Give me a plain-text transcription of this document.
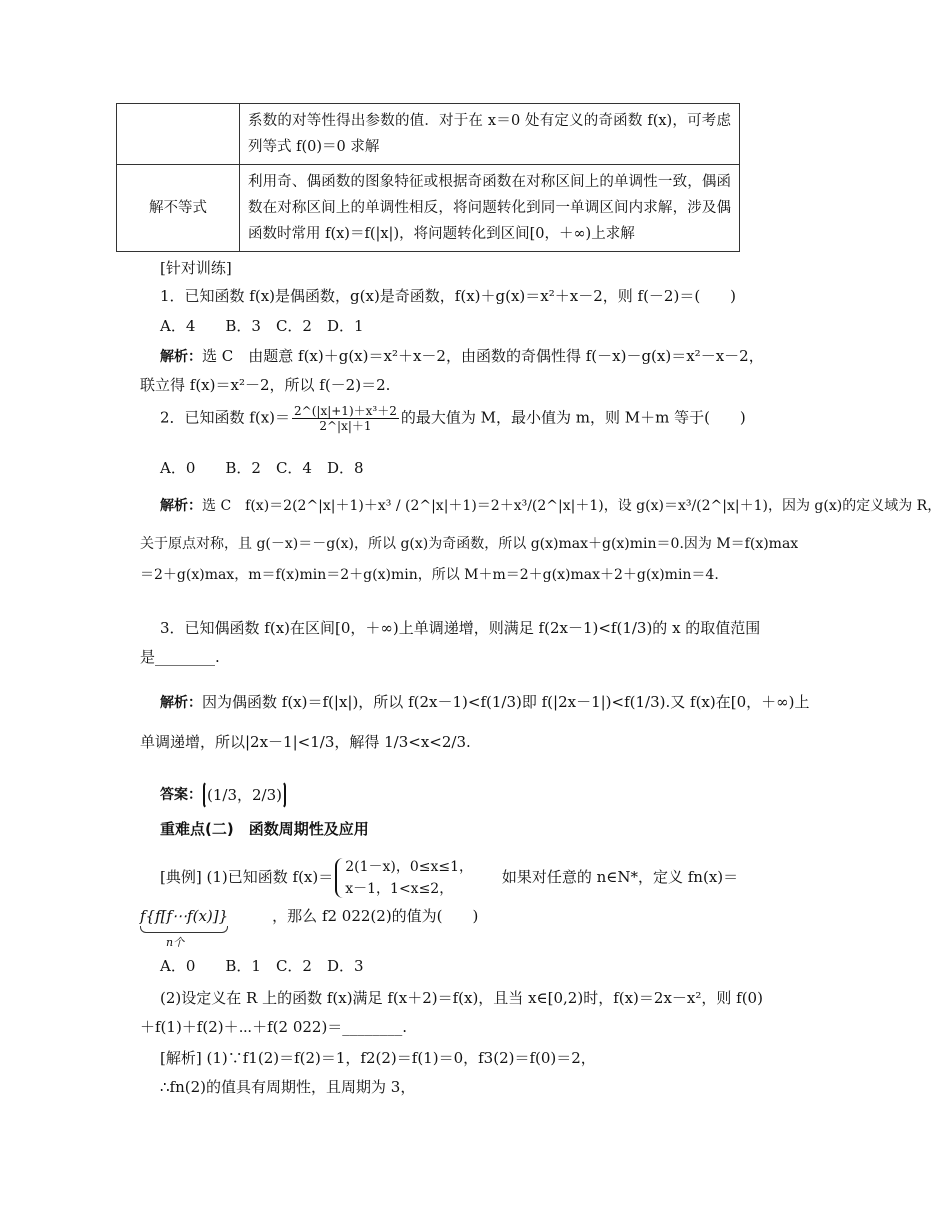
	系数的对等性得出参数的值．对于在 x＝0 处有定义的奇函数 f(x)，可考虑列等式 f(0)＝0 求解
解不等式	利用奇、偶函数的图象特征或根据奇函数在对称区间上的单调性一致，偶函数在对称区间上的单调性相反，将问题转化到同一单调区间内求解，涉及偶函数时常用 f(x)＝f(|x|)，将问题转化到区间[0，＋∞)上求解
[针对训练]
1．已知函数 f(x)是偶函数，g(x)是奇函数，f(x)＋g(x)＝x²＋x－2，则 f(－2)＝(　　)
A．4　　B．3　C．2　D．1
解析：选 C　由题意 f(x)＋g(x)＝x²＋x－2，由函数的奇偶性得 f(－x)－g(x)＝x²－x－2，
联立得 f(x)＝x²－2，所以 f(－2)＝2.
2．已知函数 $f(x)= \frac{\text{2\textasciicircum{}(|x|+1)＋x³＋2}}{2\^{}|x|+1}$ 的最大值为 M，最小值为 m，则 M＋m 等于(　　)
A．0　　B．2　C．4　D．8
解析：选 C　f(x)＝2(2^|x|＋1)＋x³ / (2^|x|＋1)＝2＋x³/(2^|x|＋1)，设 g(x)＝x³/(2^|x|＋1)，因为 g(x)的定义域为 R，
关于原点对称，且 g(－x)＝－g(x)，所以 g(x)为奇函数，所以 g(x)max＋g(x)min＝0.因为 M＝f(x)max
＝2＋g(x)max，m＝f(x)min＝2＋g(x)min，所以 M＋m＝2＋g(x)max＋2＋g(x)min＝4.
3．已知偶函数 f(x)在区间[0，＋∞)上单调递增，则满足 f(2x－1)<f(1/3)的 x 的取值范围
是________.
解析：因为偶函数 f(x)＝f(|x|)，所以 f(2x－1)<f(1/3)即 f(|2x－1|)<f(1/3).又 f(x)在[0，＋∞)上
单调递增，所以|2x－1|<1/3，解得 1/3<x<2/3.
答案： (1/3，2/3)
重难点(二)　函数周期性及应用
[典例] (1)已知函数 f(x)＝
2(1－x)，0≤x≤1，
x－1，1<x≤2，
如果对任意的 n∈N*，定义 fn(x)＝
f{f[f⋯f(x)]}
n个
，那么 f2 022(2)的值为(　　)
A．0　　B．1　C．2　D．3
(2)设定义在 R 上的函数 f(x)满足 f(x＋2)＝f(x)，且当 x∈[0,2)时，f(x)＝2x－x²，则 f(0)
＋f(1)＋f(2)＋⋯＋f(2 022)＝________.
[解析] (1)∵f1(2)＝f(2)＝1，f2(2)＝f(1)＝0，f3(2)＝f(0)＝2，
∴fn(2)的值具有周期性，且周期为 3，
